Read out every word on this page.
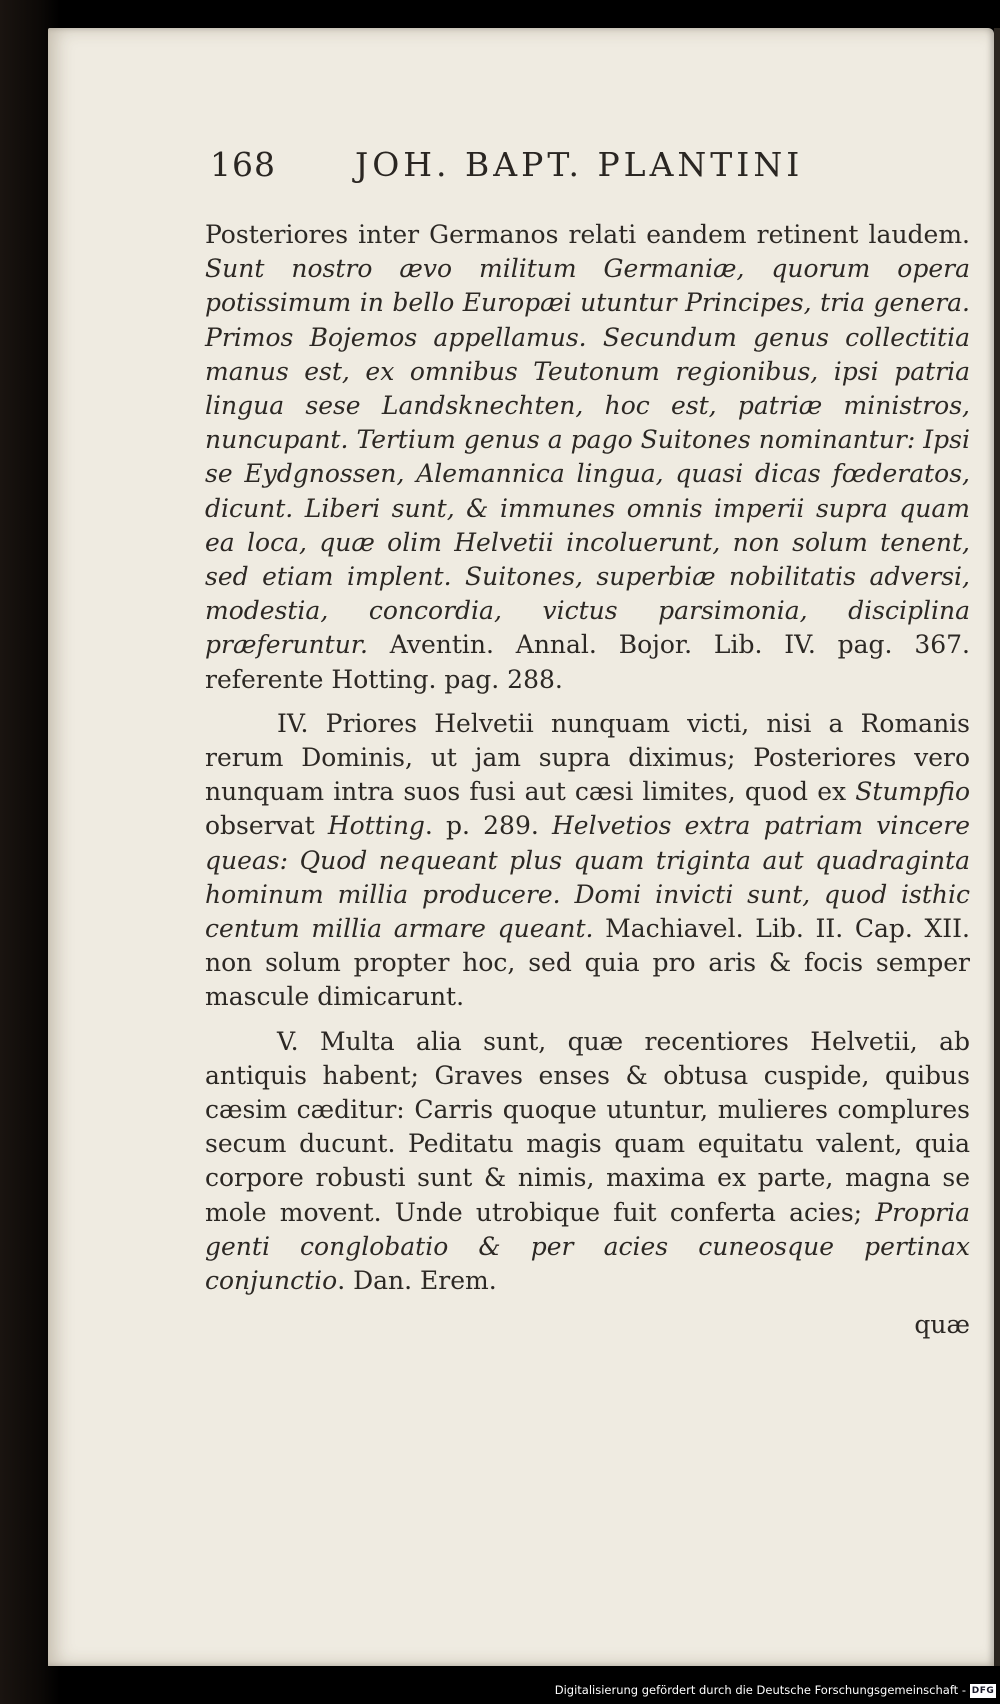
168 JOH. BAPT. PLANTINI

Posteriores inter Germanos relati eandem retinent laudem. Sunt nostro ævo militum Germaniæ, quorum opera potissimum in bello Europæi utuntur Principes, tria genera. Primos Bojemos appellamus. Secundum genus collectitia manus est, ex omnibus Teutonum regionibus, ipsi patria lingua sese Landsknechten, hoc est, patriæ ministros, nuncupant. Tertium genus a pago Suitones nominantur: Ipsi se Eydgnossen, Alemannica lingua, quasi dicas fœderatos, dicunt. Liberi sunt, & immunes omnis imperii supra quam ea loca, quæ olim Helvetii incoluerunt, non solum tenent, sed etiam implent. Suitones, superbiæ nobilitatis adversi, modestia, concordia, victus parsimonia, disciplina præferuntur. Aventin. Annal. Bojor. Lib. IV. pag. 367. referente Hotting. pag. 288.

IV. Priores Helvetii nunquam victi, nisi a Romanis rerum Dominis, ut jam supra diximus; Posteriores vero nunquam intra suos fusi aut cæsi limites, quod ex Stumpfio observat Hotting. p. 289. Helvetios extra patriam vincere queas: Quod nequeant plus quam triginta aut quadraginta hominum millia producere. Domi invicti sunt, quod isthic centum millia armare queant. Machiavel. Lib. II. Cap. XII. non solum propter hoc, sed quia pro aris & focis semper mascule dimicarunt.

V. Multa alia sunt, quæ recentiores Helvetii, ab antiquis habent; Graves enses & obtusa cuspide, quibus cæsim cæditur: Carris quoque utuntur, mulieres complures secum ducunt. Peditatu magis quam equitatu valent, quia corpore robusti sunt & nimis, maxima ex parte, magna se mole movent. Unde utrobique fuit conferta acies; Propria genti conglobatio & per acies cuneosque pertinax conjunctio. Dan. Erem.

quæ
Digitalisierung gefördert durch die Deutsche Forschungsgemeinschaft - DFG
